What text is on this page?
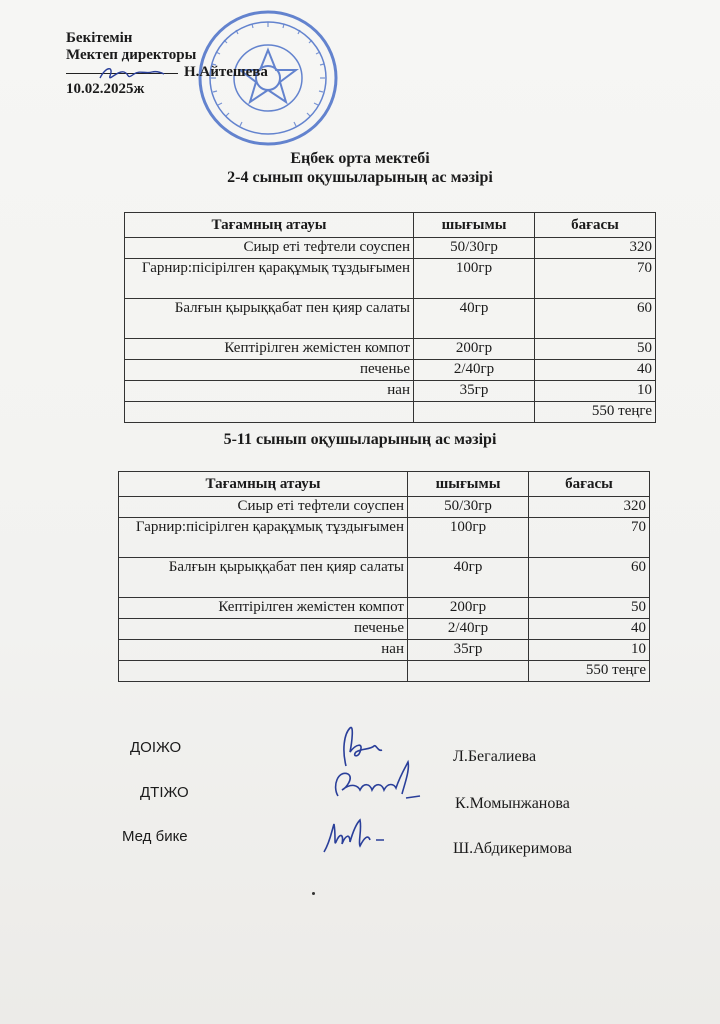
Бекітемін
Мектеп директоры
Н.Айтешева
10.02.2025ж
Еңбек орта мектебі
2-4 сынып оқушыларының ас мәзірі
Тағамның атауы	шығымы	бағасы
Сиыр еті тефтели соуспен	50/30гр	320
Гарнир:пісірілген қарақұмық тұздығымен	100гр	70
Балғын қырыққабат пен қияр салаты	40гр	60
Кептірілген жемістен компот	200гр	50
печенье	2/40гр	40
нан	35гр	10
		550 теңге
5-11 сынып оқушыларының ас мәзірі
Тағамның атауы	шығымы	бағасы
Сиыр еті тефтели соуспен	50/30гр	320
Гарнир:пісірілген қарақұмық тұздығымен	100гр	70
Балғын қырыққабат пен қияр салаты	40гр	60
Кептірілген жемістен компот	200гр	50
печенье	2/40гр	40
нан	35гр	10
		550 теңге
ДОІЖО
Л.Бегалиева
ДТІЖО
К.Момынжанова
Мед бике
Ш.Абдикеримова
